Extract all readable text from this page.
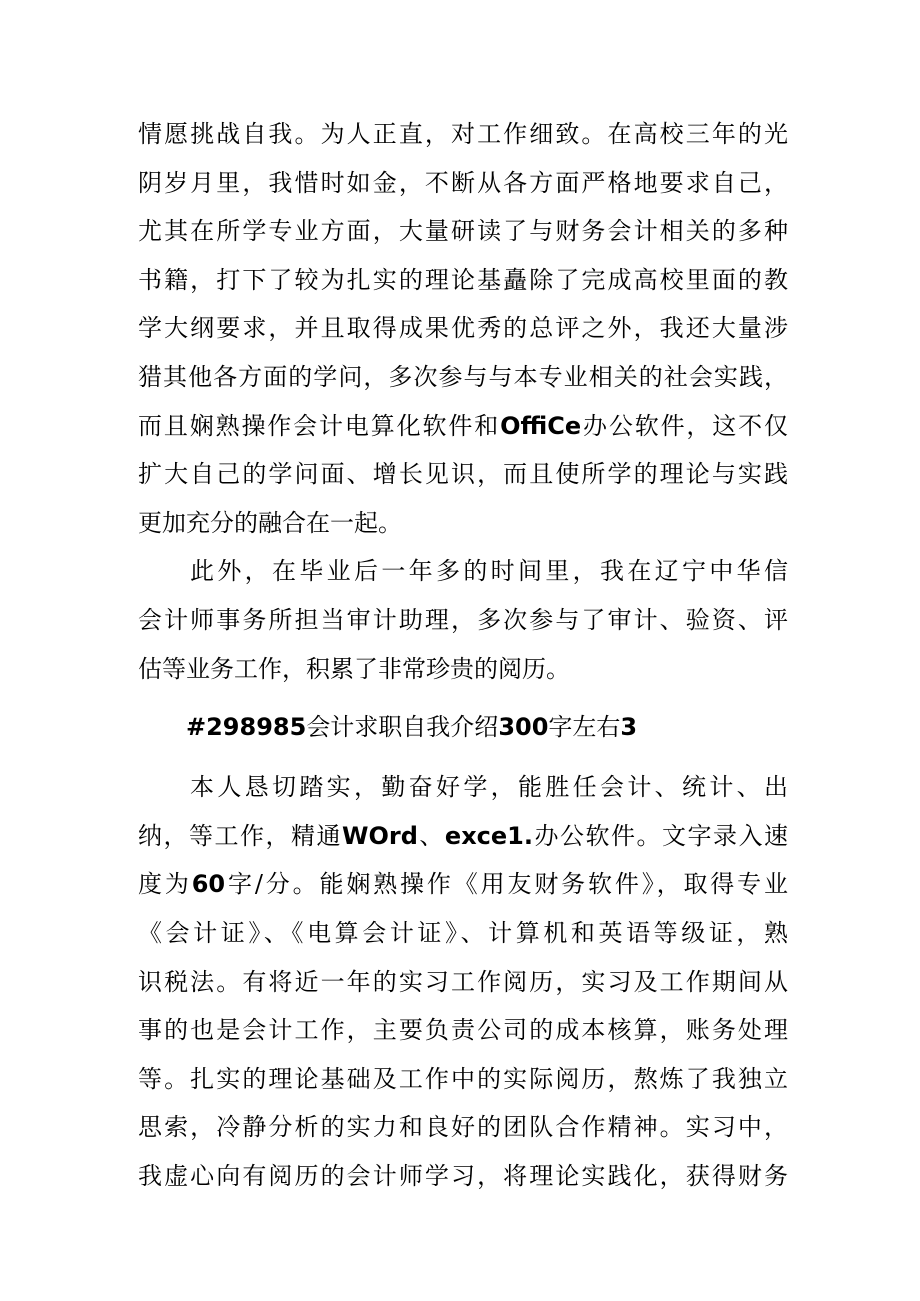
情愿挑战自我。为人正直，对工作细致。在高校三年的光
阴岁月里，我惜时如金，不断从各方面严格地要求自己，
尤其在所学专业方面，大量研读了与财务会计相关的多种
书籍，打下了较为扎实的理论基矗除了完成高校里面的教
学大纲要求，并且取得成果优秀的总评之外，我还大量涉
猎其他各方面的学问，多次参与与本专业相关的社会实践，
而且娴熟操作会计电算化软件和OffiCe办公软件，这不仅
扩大自己的学问面、增长见识，而且使所学的理论与实践
更加充分的融合在一起。
此外，在毕业后一年多的时间里，我在辽宁中华信
会计师事务所担当审计助理，多次参与了审计、验资、评
估等业务工作，积累了非常珍贵的阅历。
#298985会计求职自我介绍300字左右3
本人恳切踏实，勤奋好学，能胜任会计、统计、出
纳，等工作，精通WOrd、exce1.办公软件。文字录入速
度为60字/分。能娴熟操作《用友财务软件》，取得专业
《会计证》、《电算会计证》、计算机和英语等级证，熟
识税法。有将近一年的实习工作阅历，实习及工作期间从
事的也是会计工作，主要负责公司的成本核算，账务处理
等。扎实的理论基础及工作中的实际阅历，熬炼了我独立
思索，冷静分析的实力和良好的团队合作精神。实习中，
我虚心向有阅历的会计师学习，将理论实践化，获得财务
